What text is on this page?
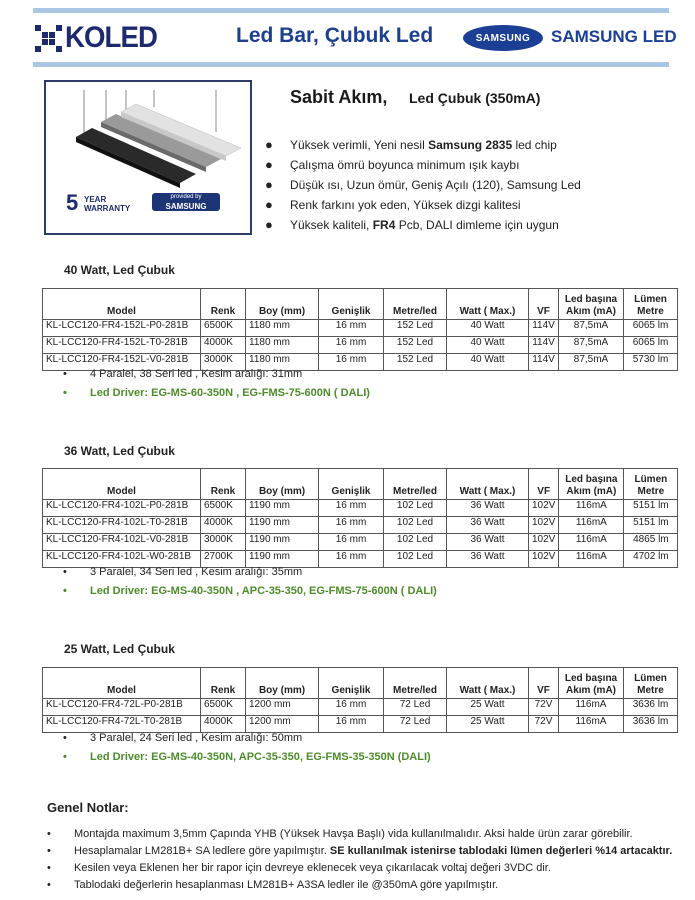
KOLED	Led Bar, Çubuk Led	SAMSUNG	SAMSUNG LED
5 YEAR
WARRANTY
provided by
SAMSUNG
Sabit Akım, Led Çubuk (350mA)
●	Yüksek verimli, Yeni nesil Samsung 2835 led chip
●	Çalışma ömrü boyunca minimum ışık kaybı
●	Düşük ısı, Uzun ömür, Geniş Açılı (120), Samsung Led
●	Renk farkını yok eden, Yüksek dizgi kalitesi
●	Yüksek kaliteli, FR4 Pcb, DALI dimleme için uygun
40 Watt, Led Çubuk
Model	Renk	Boy (mm)	Genişlik	Metre/led	Watt ( Max.)	VF	Led başına Akım (mA)	Lümen Metre
KL-LCC120-FR4-152L-P0-281B	6500K	1180 mm	16 mm	152 Led	40 Watt	114V	87,5mA	6065 lm
KL-LCC120-FR4-152L-T0-281B	4000K	1180 mm	16 mm	152 Led	40 Watt	114V	87,5mA	6065 lm
KL-LCC120-FR4-152L-V0-281B	3000K	1180 mm	16 mm	152 Led	40 Watt	114V	87,5mA	5730 lm
•	4 Paralel, 38 Seri led , Kesim aralığı: 31mm
•	Led Driver: EG-MS-60-350N , EG-FMS-75-600N ( DALI)
36 Watt, Led Çubuk
Model	Renk	Boy (mm)	Genişlik	Metre/led	Watt ( Max.)	VF	Led başına Akım (mA)	Lümen Metre
KL-LCC120-FR4-102L-P0-281B	6500K	1190 mm	16 mm	102 Led	36 Watt	102V	116mA	5151 lm
KL-LCC120-FR4-102L-T0-281B	4000K	1190 mm	16 mm	102 Led	36 Watt	102V	116mA	5151 lm
KL-LCC120-FR4-102L-V0-281B	3000K	1190 mm	16 mm	102 Led	36 Watt	102V	116mA	4865 lm
KL-LCC120-FR4-102L-W0-281B	2700K	1190 mm	16 mm	102 Led	36 Watt	102V	116mA	4702 lm
•	3 Paralel, 34 Seri led , Kesim aralığı: 35mm
•	Led Driver: EG-MS-40-350N , APC-35-350, EG-FMS-75-600N ( DALI)
25 Watt, Led Çubuk
Model	Renk	Boy (mm)	Genişlik	Metre/led	Watt ( Max.)	VF	Led başına Akım (mA)	Lümen Metre
KL-LCC120-FR4-72L-P0-281B	6500K	1200 mm	16 mm	72 Led	25 Watt	72V	116mA	3636 lm
KL-LCC120-FR4-72L-T0-281B	4000K	1200 mm	16 mm	72 Led	25 Watt	72V	116mA	3636 lm
•	3 Paralel, 24 Seri led , Kesim aralığı: 50mm
•	Led Driver: EG-MS-40-350N, APC-35-350, EG-FMS-35-350N (DALI)
Genel Notlar:
•	Montajda maximum 3,5mm Çapında YHB (Yüksek Havşa Başlı) vida kullanılmalıdır. Aksi halde ürün zarar görebilir.
•	Hesaplamalar LM281B+ SA ledlere göre yapılmıştır. SE kullanılmak istenirse tablodaki lümen değerleri %14 artacaktır.
•	Kesilen veya Eklenen her bir rapor için devreye eklenecek veya çıkarılacak voltaj değeri 3VDC dir.
•	Tablodaki değerlerin hesaplanması LM281B+ A3SA ledler ile @350mA göre yapılmıştır.
